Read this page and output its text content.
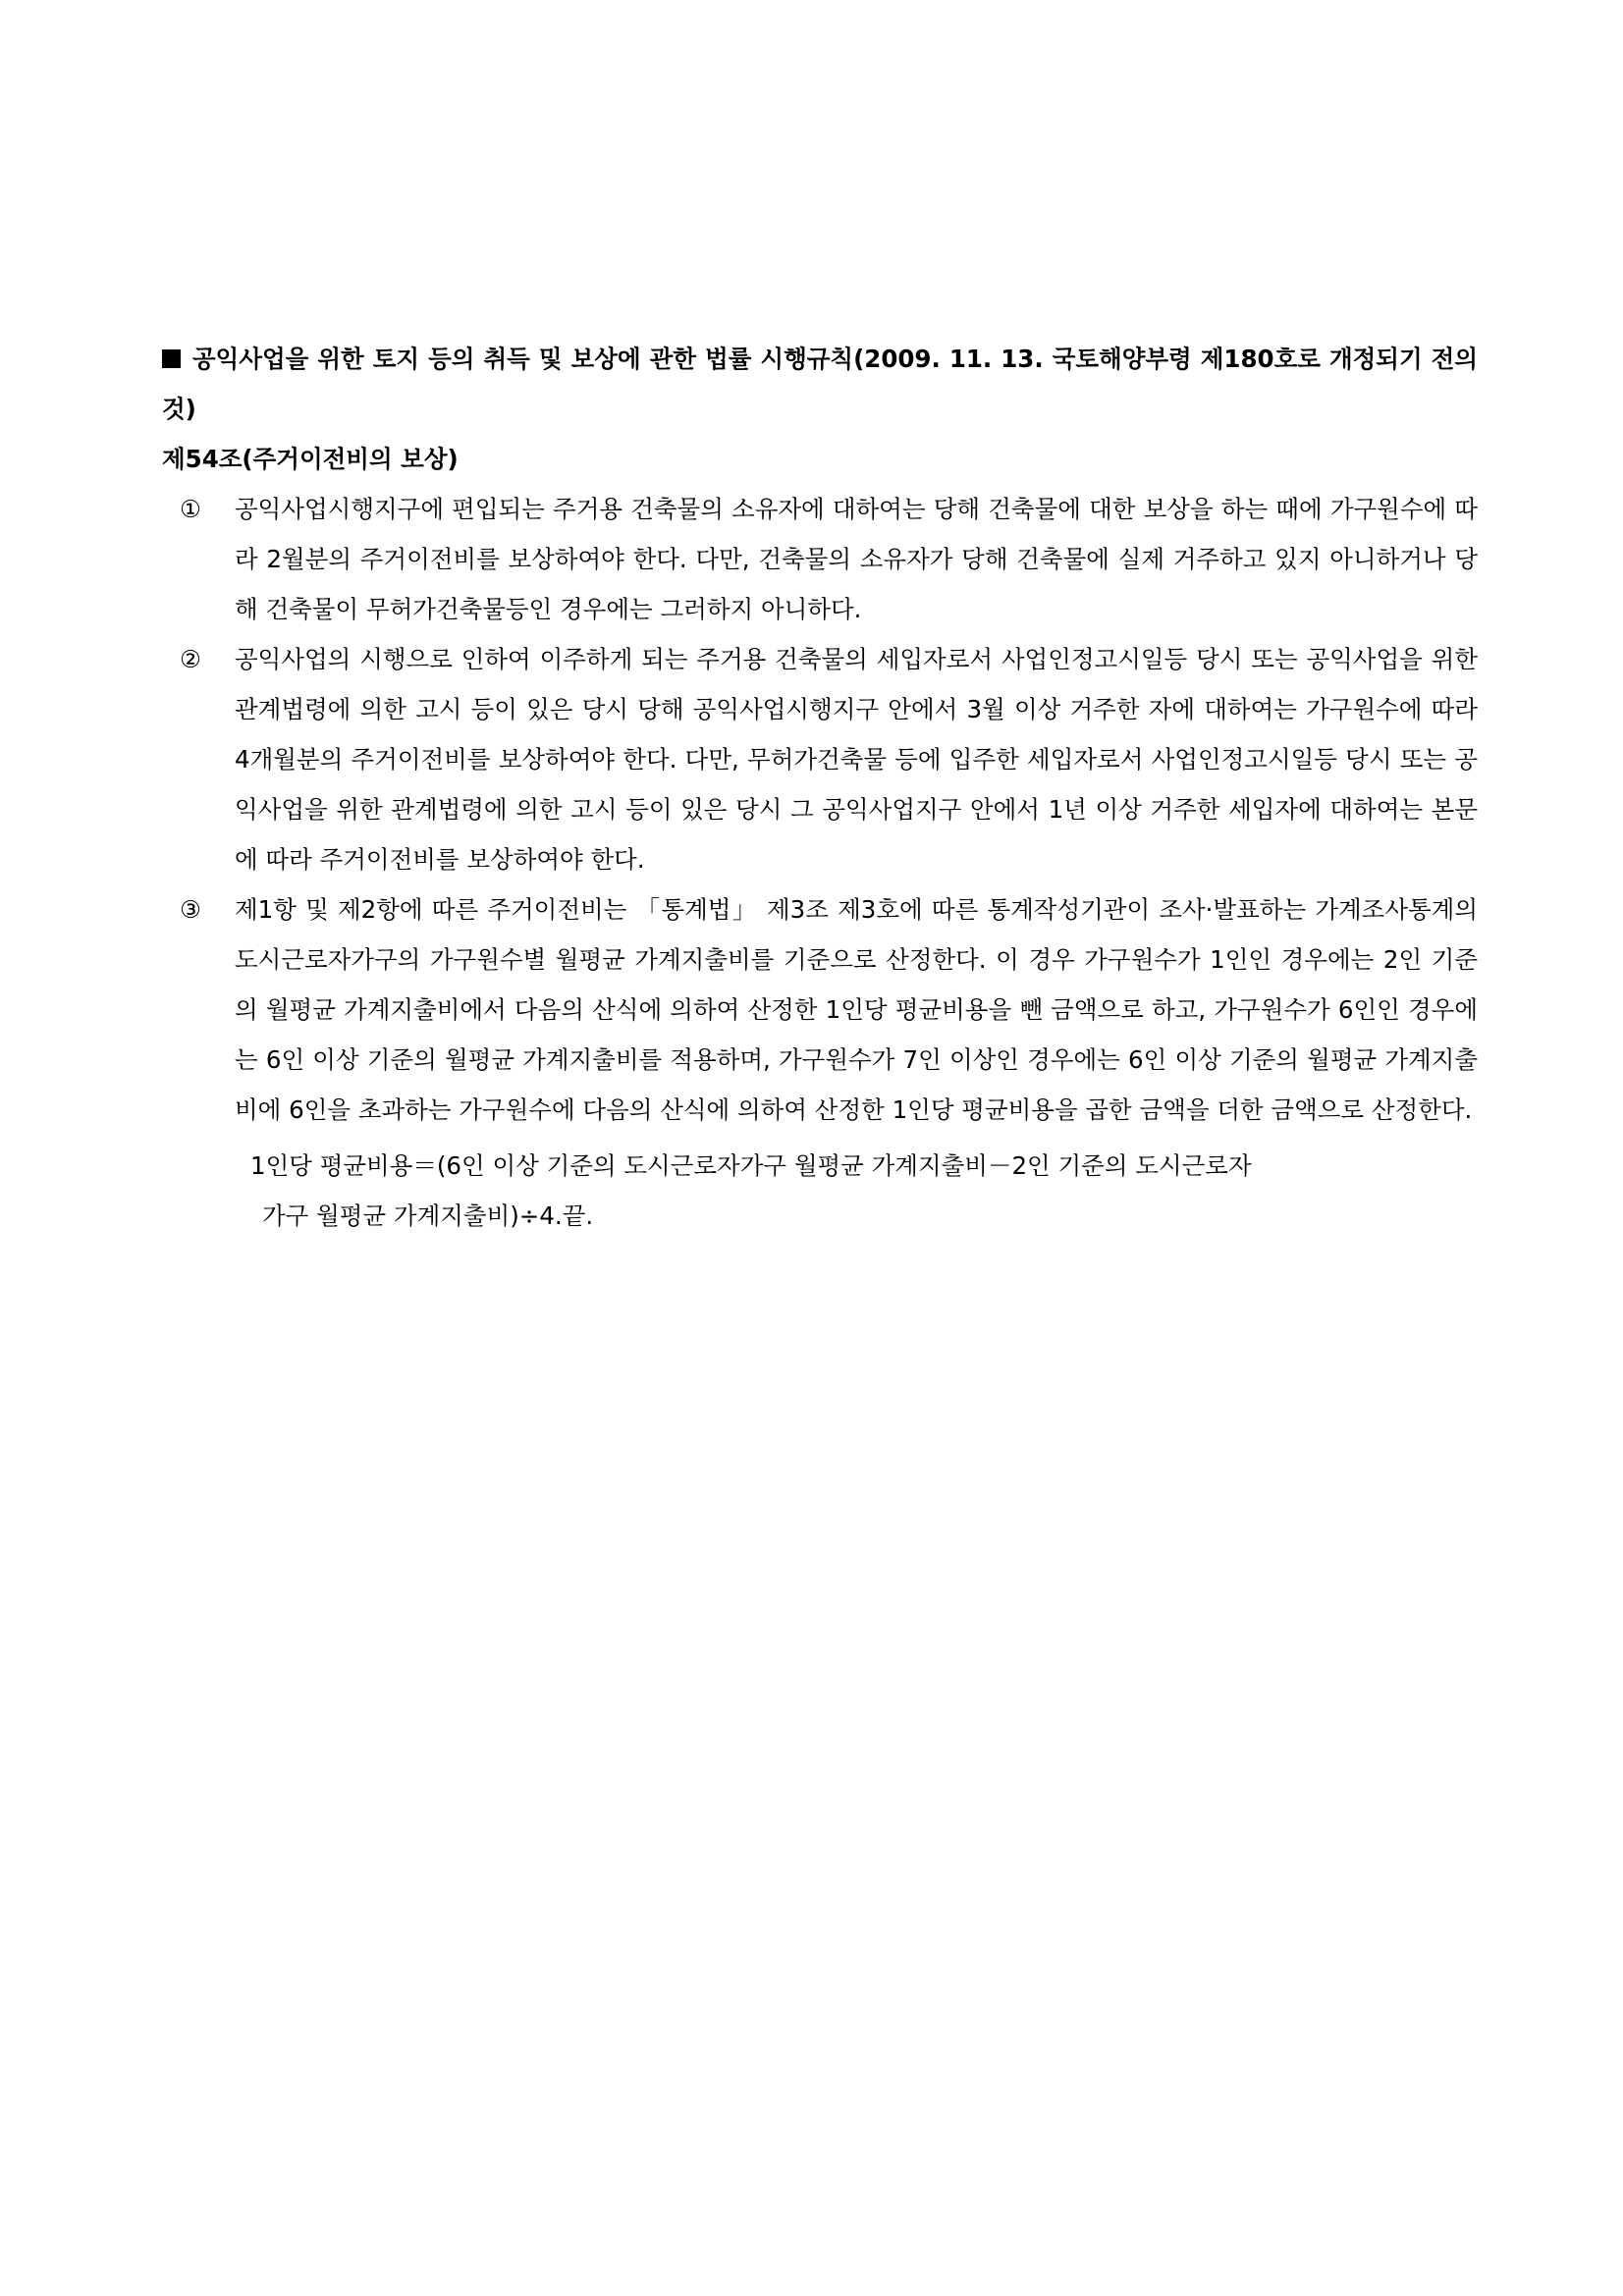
공익사업을 위한 토지 등의 취득 및 보상에 관한 법률 시행규칙(2009. 11. 13. 국토해양부령 제180호로 개정되기 전의 것)
제54조(주거이전비의 보상)

① 공익사업시행지구에 편입되는 주거용 건축물의 소유자에 대하여는 당해 건축물에 대한 보상을 하는 때에 가구원수에 따라 2월분의 주거이전비를 보상하여야 한다. 다만, 건축물의 소유자가 당해 건축물에 실제 거주하고 있지 아니하거나 당해 건축물이 무허가건축물등인 경우에는 그러하지 아니하다.

② 공익사업의 시행으로 인하여 이주하게 되는 주거용 건축물의 세입자로서 사업인정고시일등 당시 또는 공익사업을 위한 관계법령에 의한 고시 등이 있은 당시 당해 공익사업시행지구 안에서 3월 이상 거주한 자에 대하여는 가구원수에 따라 4개월분의 주거이전비를 보상하여야 한다. 다만, 무허가건축물 등에 입주한 세입자로서 사업인정고시일등 당시 또는 공익사업을 위한 관계법령에 의한 고시 등이 있은 당시 그 공익사업지구 안에서 1년 이상 거주한 세입자에 대하여는 본문에 따라 주거이전비를 보상하여야 한다.

③ 제1항 및 제2항에 따른 주거이전비는 「통계법」 제3조 제3호에 따른 통계작성기관이 조사·발표하는 가계조사통계의 도시근로자가구의 가구원수별 월평균 가계지출비를 기준으로 산정한다. 이 경우 가구원수가 1인인 경우에는 2인 기준의 월평균 가계지출비에서 다음의 산식에 의하여 산정한 1인당 평균비용을 뺀 금액으로 하고, 가구원수가 6인인 경우에는 6인 이상 기준의 월평균 가계지출비를 적용하며, 가구원수가 7인 이상인 경우에는 6인 이상 기준의 월평균 가계지출비에 6인을 초과하는 가구원수에 다음의 산식에 의하여 산정한 1인당 평균비용을 곱한 금액을 더한 금액으로 산정한다.

1인당 평균비용＝(6인 이상 기준의 도시근로자가구 월평균 가계지출비－2인 기준의 도시근로자
가구 월평균 가계지출비)÷4.끝.
